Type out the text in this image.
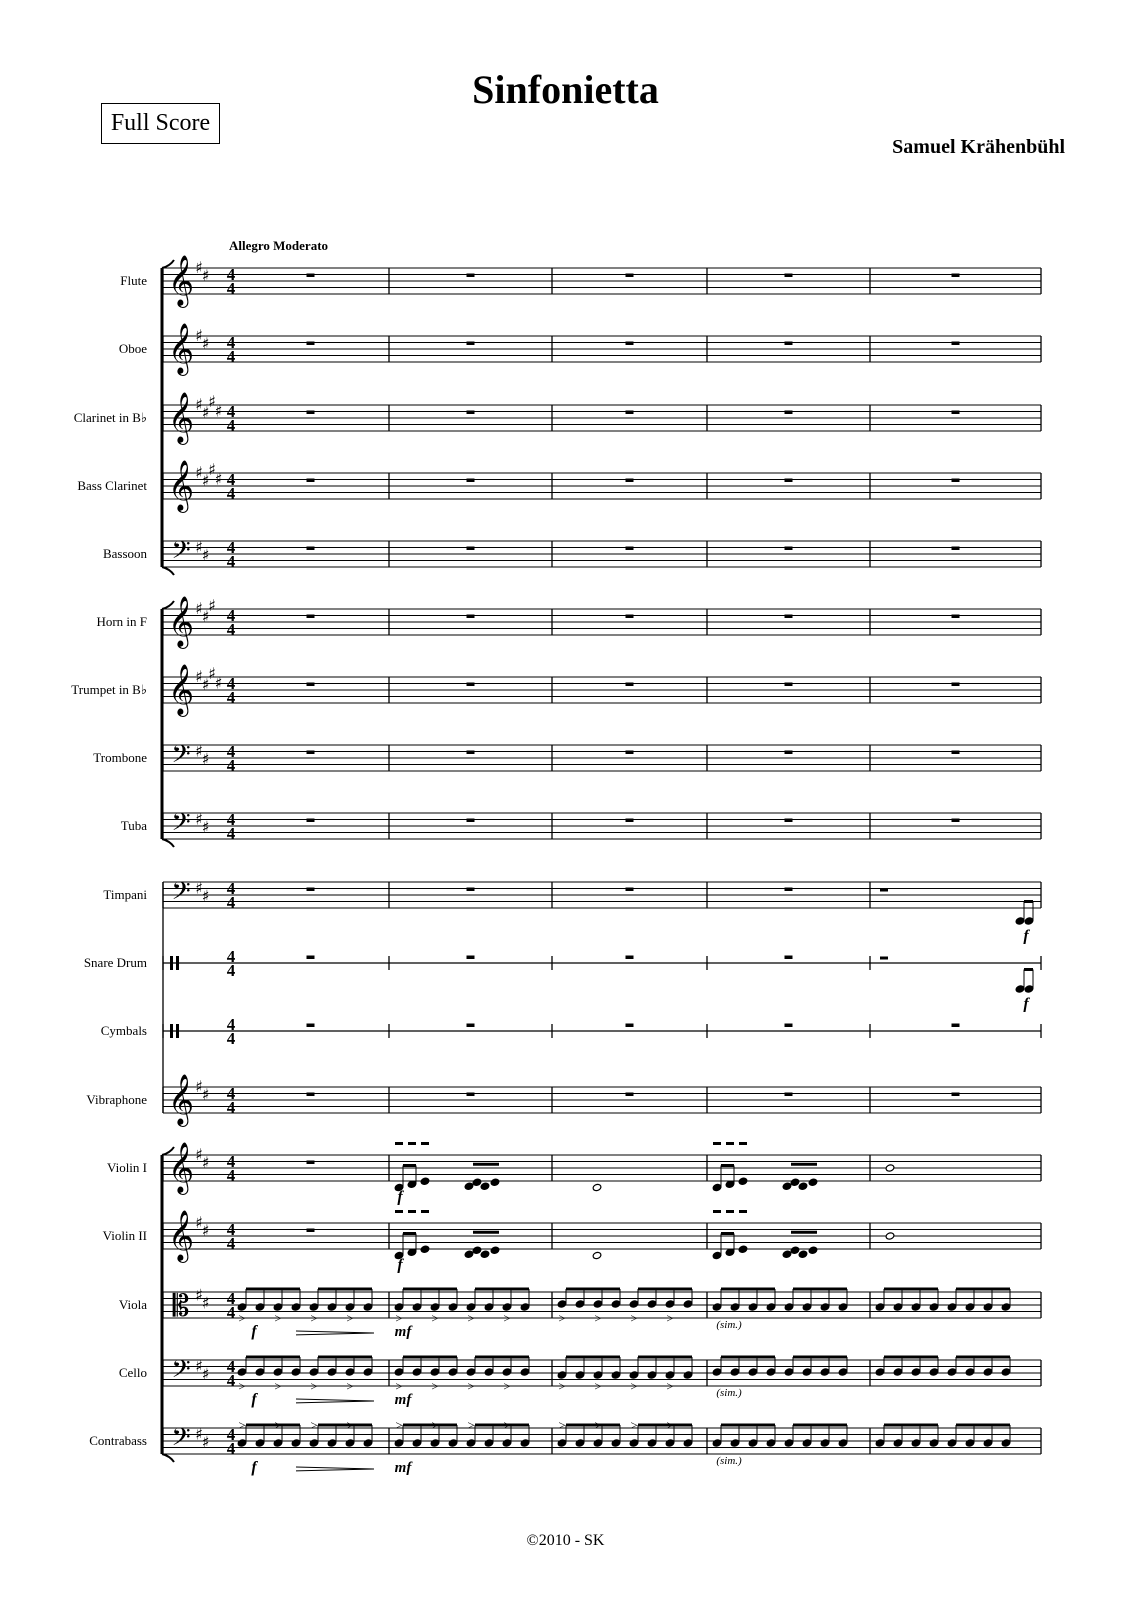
Full Score
Sinfonietta
Samuel Krähenbühl
Allegro Moderato
Flute
Oboe
Clarinet in B♭
Bass Clarinet
Bassoon
Horn in F
Trumpet in B♭
Trombone
Tuba
Timpani
Snare Drum
Cymbals
Vibraphone
Violin I
Violin II
Viola
Cello
Contrabass
𝄞 ♯
♯ 4
4
𝄞 ♯
♯ 4
4
𝄞 ♯
♯
♯
♯ 4
4
𝄞 ♯
♯
♯
♯ 4
4
𝄢 ♯
♯ 4
4
𝄞 ♯
♯
♯
4
4
𝄞 ♯
♯
♯
♯ 4
4
𝄢 ♯
♯ 4
4
𝄢 ♯
♯ 4
4
𝄢 ♯
♯ 4
4
4
4
4
4
𝄞 ♯
♯ 4
4
𝄞 ♯
♯ 4
4
𝄞 ♯
♯ 4
4
𝄡 ♯
♯ 4
4
𝄢 ♯
♯ 4
4
𝄢 ♯
♯ 4
4
f
f
> > > >
f
> > > >
mf
> > > >	(sim.)
> > > >
f
> > > >
mf
> > > >	(sim.)
> > > >
f
> > > >
mf
> > > >
(sim.)
f
f
©2010 - SK
